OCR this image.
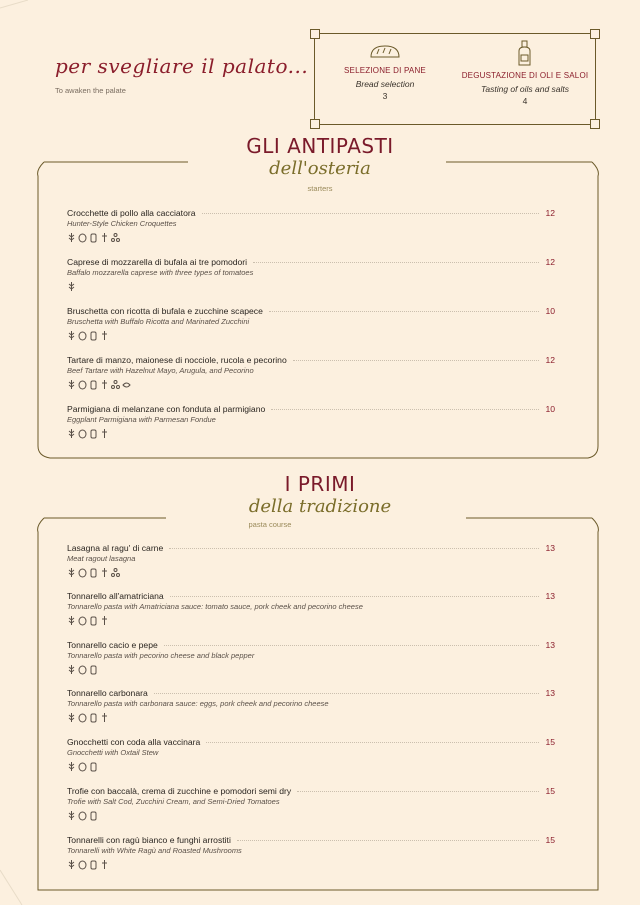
per svegliare il palato...
To awaken the palate
SELEZIONE DI PANE
Bread selection
3
DEGUSTAZIONE DI OLI E SALOI
Tasting of oils and salts
4
GLI ANTIPASTI
dell'osteria
starters
Crocchette di pollo alla cacciatora	12
Hunter-Style Chicken Croquettes
Caprese di mozzarella di bufala ai tre pomodori	12
Baffalo mozzarella caprese with three types of tomatoes
Bruschetta con ricotta di bufala e zucchine scapece	10
Bruschetta with Buffalo Ricotta and Marinated Zucchini
Tartare di manzo, maionese di nocciole, rucola e pecorino	12
Beef Tartare with Hazelnut Mayo, Arugula, and Pecorino
Parmigiana di melanzane con fonduta al parmigiano	10
Eggplant Parmigiana with Parmesan Fondue
I PRIMI
della tradizione
pasta course
Lasagna al ragu' di carne	13
Meat ragout lasagna
Tonnarello all'amatriciana	13
Tonnarello pasta with Amatriciana sauce: tomato sauce, pork cheek and pecorino cheese
Tonnarello cacio e pepe	13
Tonnarello pasta with pecorino cheese and black pepper
Tonnarello carbonara	13
Tonnarello pasta with carbonara sauce: eggs, pork cheek and pecorino cheese
Gnocchetti con coda alla vaccinara	15
Gnocchetti with Oxtail Stew
Trofie con baccalà, crema di zucchine e pomodori semi dry	15
Trofie with Salt Cod, Zucchini Cream, and Semi-Dried Tomatoes
Tonnarelli con ragù bianco e funghi arrostiti	15
Tonnarelli with White Ragù and Roasted Mushrooms
